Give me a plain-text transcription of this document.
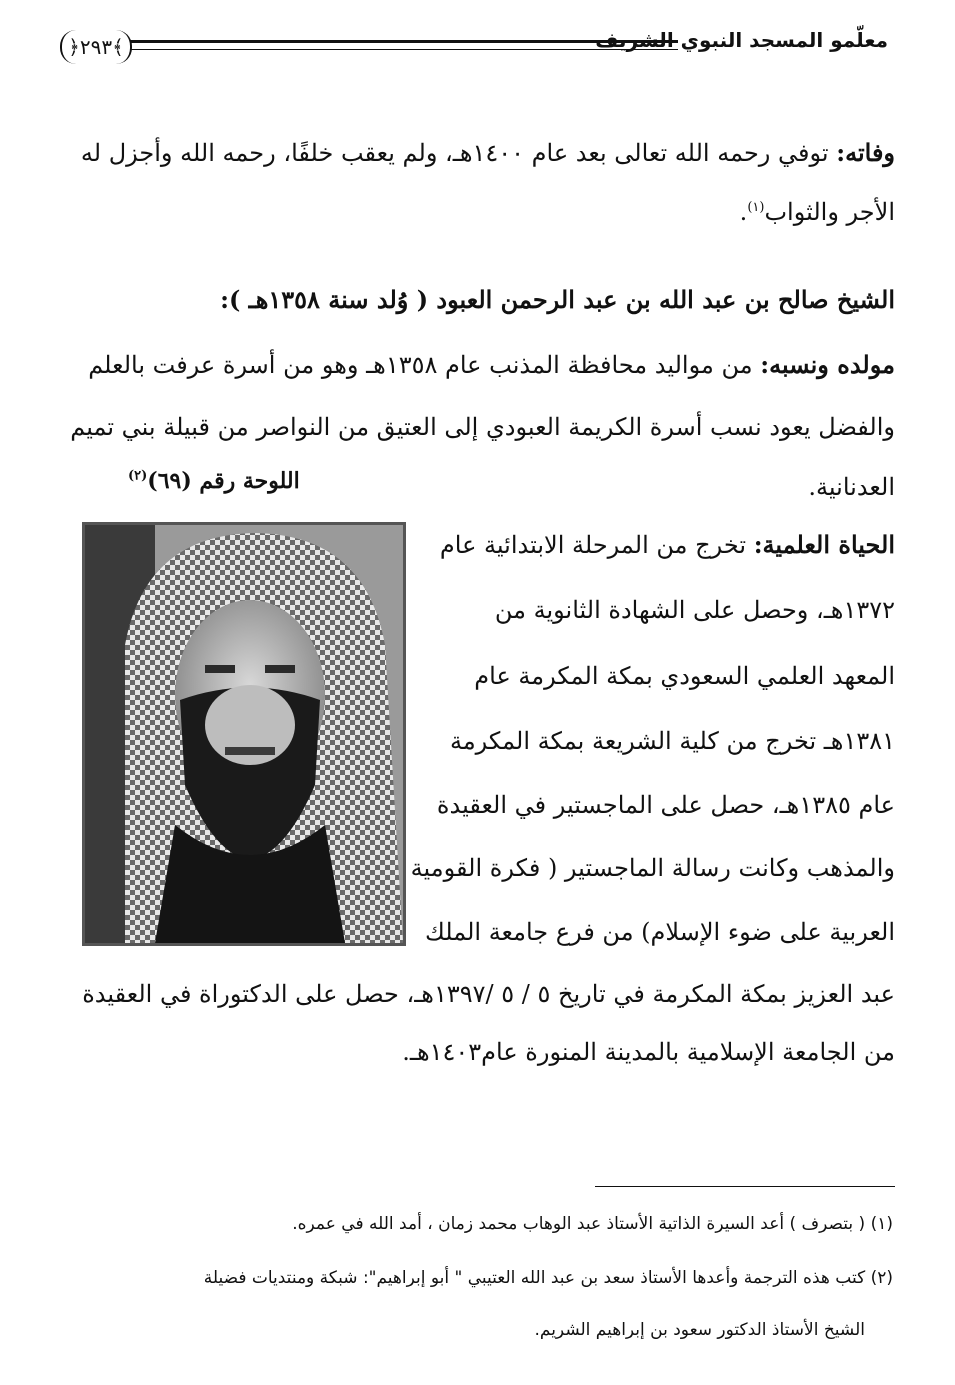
﴿٢٩٣﴾	معلّمو المسجد النبوي الشريف
وفاته: توفي رحمه الله تعالى بعد عام ١٤٠٠هـ، ولم يعقب خلفًا، رحمه الله وأجزل له
الأجر والثواب$^{(١)}$.
الشيخ صالح بن عبد الله بن عبد الرحمن العبود ( وُلد سنة ١٣٥٨هـ ):
مولده ونسبه: من مواليد محافظة المذنب عام ١٣٥٨هـ وهو من أسرة عرفت بالعلم
والفضل يعود نسب أسرة الكريمة العبودي إلى العتيق من النواصر من قبيلة بني تميم
العدنانية.
اللوحة رقم (٦٩)$^{(٢)}$
الحياة العلمية: تخرج من المرحلة الابتدائية عام
١٣٧٢هـ، وحصل على الشهادة الثانوية من
المعهد العلمي السعودي بمكة المكرمة عام
١٣٨١هـ تخرج من كلية الشريعة بمكة المكرمة
عام ١٣٨٥هـ، حصل على الماجستير في العقيدة
والمذهب وكانت رسالة الماجستير ( فكرة القومية
العربية على ضوء الإسلام) من فرع جامعة الملك
عبد العزيز بمكة المكرمة في تاريخ ٥ / ٥ /١٣٩٧هـ، حصل على الدكتوراة في العقيدة
من الجامعة الإسلامية بالمدينة المنورة عام١٤٠٣هـ.
(١) ( بتصرف ) أعد السيرة الذاتية الأستاذ عبد الوهاب محمد زمان ، أمد الله في عمره.
(٢) كتب هذه الترجمة وأعدها الأستاذ سعد بن عبد الله العتيبي " أبو إبراهيم": شبكة ومنتديات فضيلة
الشيخ الأستاذ الدكتور سعود بن إبراهيم الشريم.
